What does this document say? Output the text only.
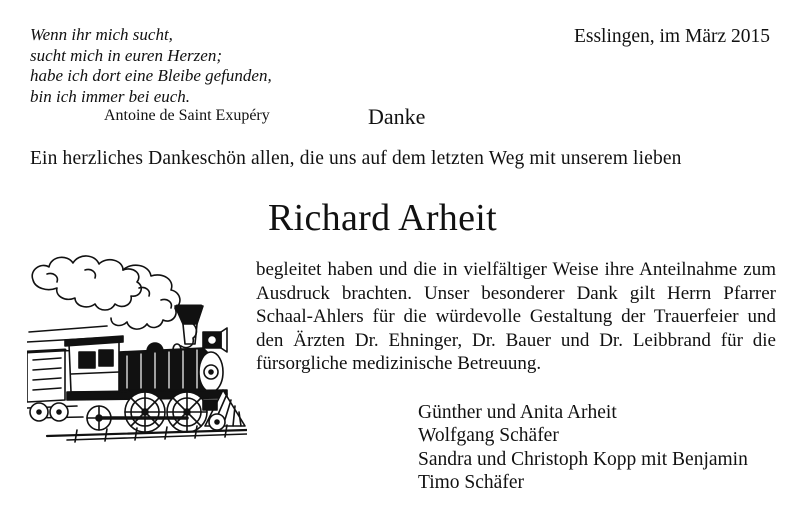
Wenn ihr mich sucht,
sucht mich in euren Herzen;
habe ich dort eine Bleibe gefunden,
bin ich immer bei euch.
Antoine de Saint Exupéry
Esslingen, im März 2015
Danke
Ein herzliches Dankeschön allen, die uns auf dem letzten Weg mit unserem lieben
Richard Arheit
begleitet haben und die in vielfältiger Weise ihre Anteilnahme zum Ausdruck brachten. Unser besonderer Dank gilt Herrn Pfarrer Schaal-Ahlers für die würdevolle Gestaltung der Trauerfeier und den Ärzten Dr. Ehninger, Dr. Bauer und Dr. Leibbrand für die fürsorgliche medizinische Betreuung.
Günther und Anita Arheit
Wolfgang Schäfer
Sandra und Christoph Kopp mit Benjamin
Timo Schäfer
